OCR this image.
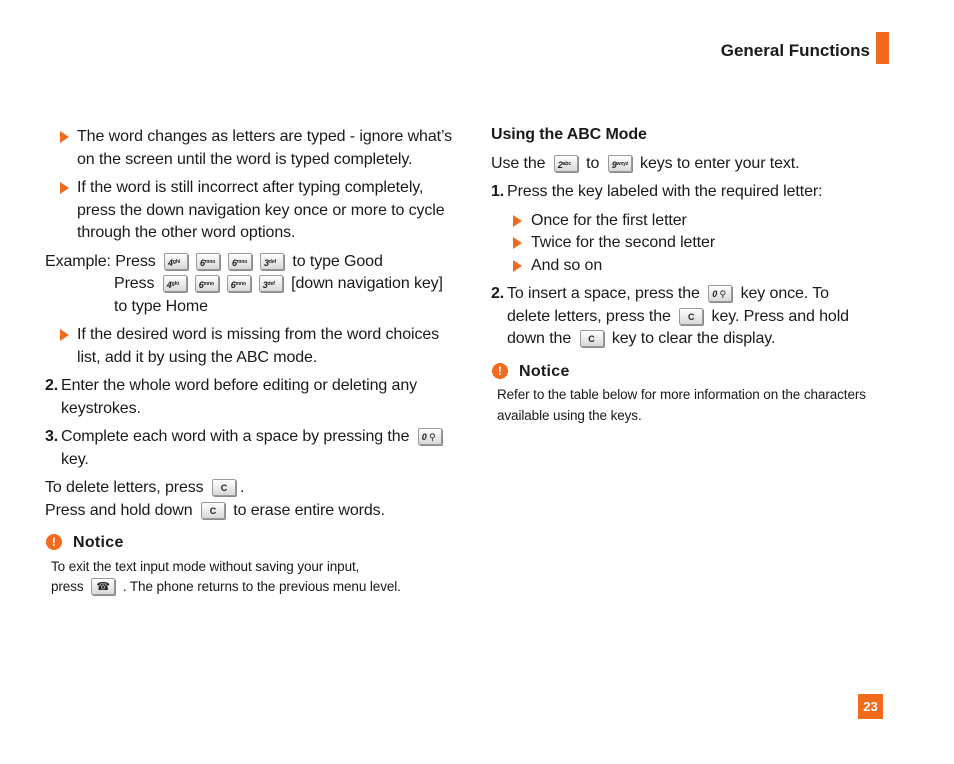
General Functions
The word changes as letters are typed - ignore what’s on the screen until the word is typed completely.
If the word is still incorrect after typing completely, press the down navigation key once or more to cycle through the other word options.
Example: Press $4^{ghi}$ $6^{mno}$ $6^{mno}$ $3^{def}$ to type Good
Press $4^{ghi}$ $6^{mno}$ $6^{mno}$ $3^{def}$ [down navigation key] to type Home
If the desired word is missing from the word choices list, add it by using the ABC mode.
2. Enter the whole word before editing or deleting any keystrokes.
3. Complete each word with a space by pressing the 0 ⚲ key.
To delete letters, press C .
Press and hold down C to erase entire words.
!	Notice
To exit the text input mode without saving your input,
press ☎ . The phone returns to the previous menu level.
Using the ABC Mode
Use the $2^{abc}$ to $9^{wxyz}$ keys to enter your text.
1. Press the key labeled with the required letter:
Once for the first letter
Twice for the second letter
And so on
2. To insert a space, press the 0 ⚲ key once. To delete letters, press the C key. Press and hold down the C key to clear the display.
!	Notice
Refer to the table below for more information on the characters available using the keys.
23
